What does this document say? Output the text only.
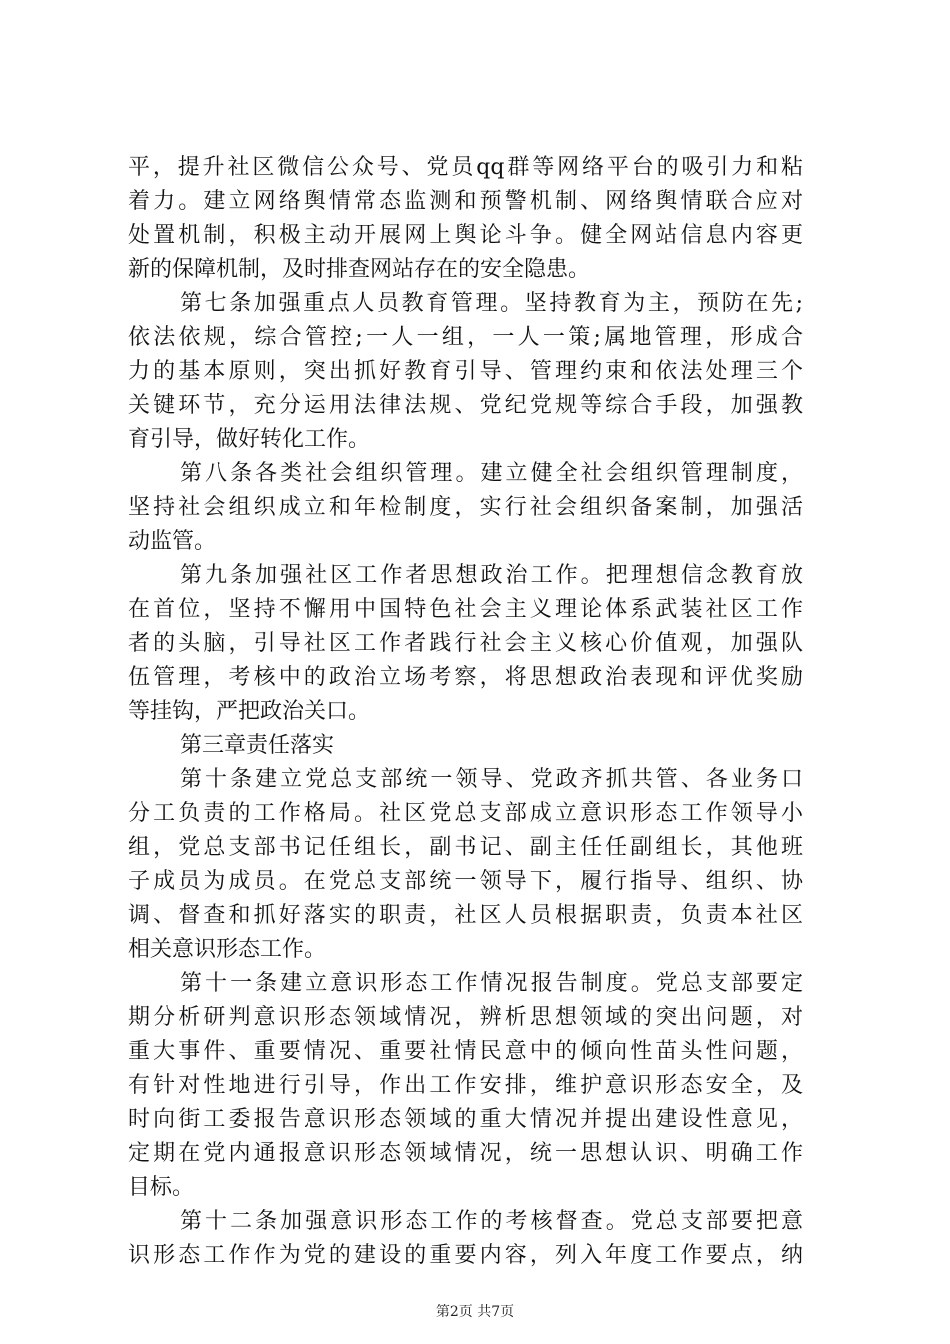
平，提升社区微信公众号、党员qq群等网络平台的吸引力和粘
着力。建立网络舆情常态监测和预警机制、网络舆情联合应对
处置机制，积极主动开展网上舆论斗争。健全网站信息内容更
新的保障机制，及时排查网站存在的安全隐患。
第七条加强重点人员教育管理。坚持教育为主，预防在先;
依法依规，综合管控;一人一组，一人一策;属地管理，形成合
力的基本原则，突出抓好教育引导、管理约束和依法处理三个
关键环节，充分运用法律法规、党纪党规等综合手段，加强教
育引导，做好转化工作。
第八条各类社会组织管理。建立健全社会组织管理制度，
坚持社会组织成立和年检制度，实行社会组织备案制，加强活
动监管。
第九条加强社区工作者思想政治工作。把理想信念教育放
在首位，坚持不懈用中国特色社会主义理论体系武装社区工作
者的头脑，引导社区工作者践行社会主义核心价值观，加强队
伍管理，考核中的政治立场考察，将思想政治表现和评优奖励
等挂钩，严把政治关口。
第三章责任落实
第十条建立党总支部统一领导、党政齐抓共管、各业务口
分工负责的工作格局。社区党总支部成立意识形态工作领导小
组，党总支部书记任组长，副书记、副主任任副组长，其他班
子成员为成员。在党总支部统一领导下，履行指导、组织、协
调、督查和抓好落实的职责，社区人员根据职责，负责本社区
相关意识形态工作。
第十一条建立意识形态工作情况报告制度。党总支部要定
期分析研判意识形态领域情况，辨析思想领域的突出问题，对
重大事件、重要情况、重要社情民意中的倾向性苗头性问题，
有针对性地进行引导，作出工作安排，维护意识形态安全，及
时向街工委报告意识形态领域的重大情况并提出建设性意见，
定期在党内通报意识形态领域情况，统一思想认识、明确工作
目标。
第十二条加强意识形态工作的考核督查。党总支部要把意
识形态工作作为党的建设的重要内容，列入年度工作要点，纳
第2页 共7页
